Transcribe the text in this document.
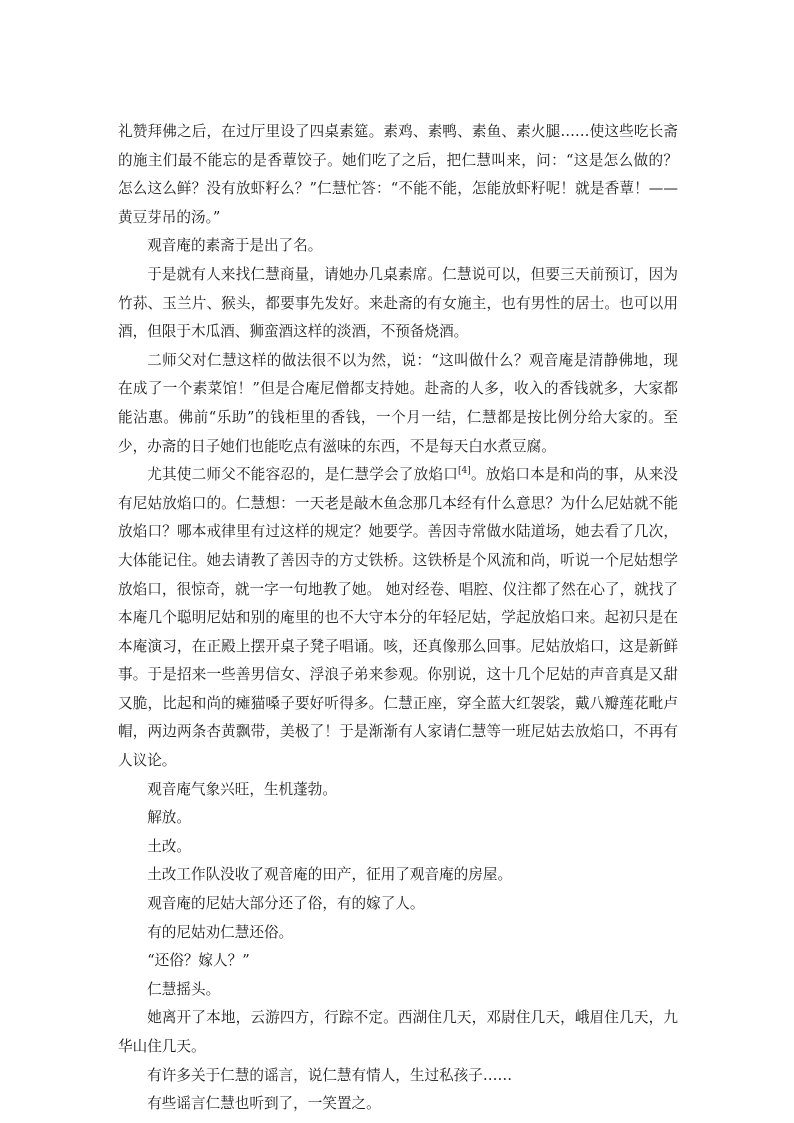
礼赞拜佛之后，在过厅里设了四桌素筵。素鸡、素鸭、素鱼、素火腿……使这些吃长斋的施主们最不能忘的是香蕈饺子。她们吃了之后，把仁慧叫来，问：“这是怎么做的？怎么这么鲜？没有放虾籽么？”仁慧忙答：“不能不能，怎能放虾籽呢！就是香蕈！——黄豆芽吊的汤。”

观音庵的素斋于是出了名。

于是就有人来找仁慧商量，请她办几桌素席。仁慧说可以，但要三天前预订，因为竹荪、玉兰片、猴头，都要事先发好。来赴斋的有女施主，也有男性的居士。也可以用酒，但限于木瓜酒、狮蛮酒这样的淡酒，不预备烧酒。

二师父对仁慧这样的做法很不以为然，说：“这叫做什么？观音庵是清静佛地，现在成了一个素菜馆！”但是合庵尼僧都支持她。赴斋的人多，收入的香钱就多，大家都能沾惠。佛前“乐助”的钱柜里的香钱，一个月一结，仁慧都是按比例分给大家的。至少，办斋的日子她们也能吃点有滋味的东西，不是每天白水煮豆腐。

尤其使二师父不能容忍的，是仁慧学会了放焰口[4]。放焰口本是和尚的事，从来没有尼姑放焰口的。仁慧想：一天老是敲木鱼念那几本经有什么意思？为什么尼姑就不能放焰口？哪本戒律里有过这样的规定？她要学。善因寺常做水陆道场，她去看了几次，大体能记住。她去请教了善因寺的方丈铁桥。这铁桥是个风流和尚，听说一个尼姑想学放焰口，很惊奇，就一字一句地教了她。 她对经卷、唱腔、仪注都了然在心了，就找了本庵几个聪明尼姑和别的庵里的也不大守本分的年轻尼姑，学起放焰口来。起初只是在本庵演习，在正殿上摆开桌子凳子唱诵。咳，还真像那么回事。尼姑放焰口，这是新鲜事。于是招来一些善男信女、浮浪子弟来参观。你别说，这十几个尼姑的声音真是又甜又脆，比起和尚的瘫猫嗓子要好听得多。仁慧正座，穿全蓝大红袈裟，戴八瓣莲花毗卢帽，两边两条杏黄飘带，美极了！于是渐渐有人家请仁慧等一班尼姑去放焰口，不再有人议论。

观音庵气象兴旺，生机蓬勃。

解放。

土改。

土改工作队没收了观音庵的田产，征用了观音庵的房屋。

观音庵的尼姑大部分还了俗，有的嫁了人。

有的尼姑劝仁慧还俗。

“还俗？嫁人？”

仁慧摇头。

她离开了本地，云游四方，行踪不定。西湖住几天，邓尉住几天，峨眉住几天，九华山住几天。

有许多关于仁慧的谣言，说仁慧有情人，生过私孩子……

有些谣言仁慧也听到了，一笑置之。
